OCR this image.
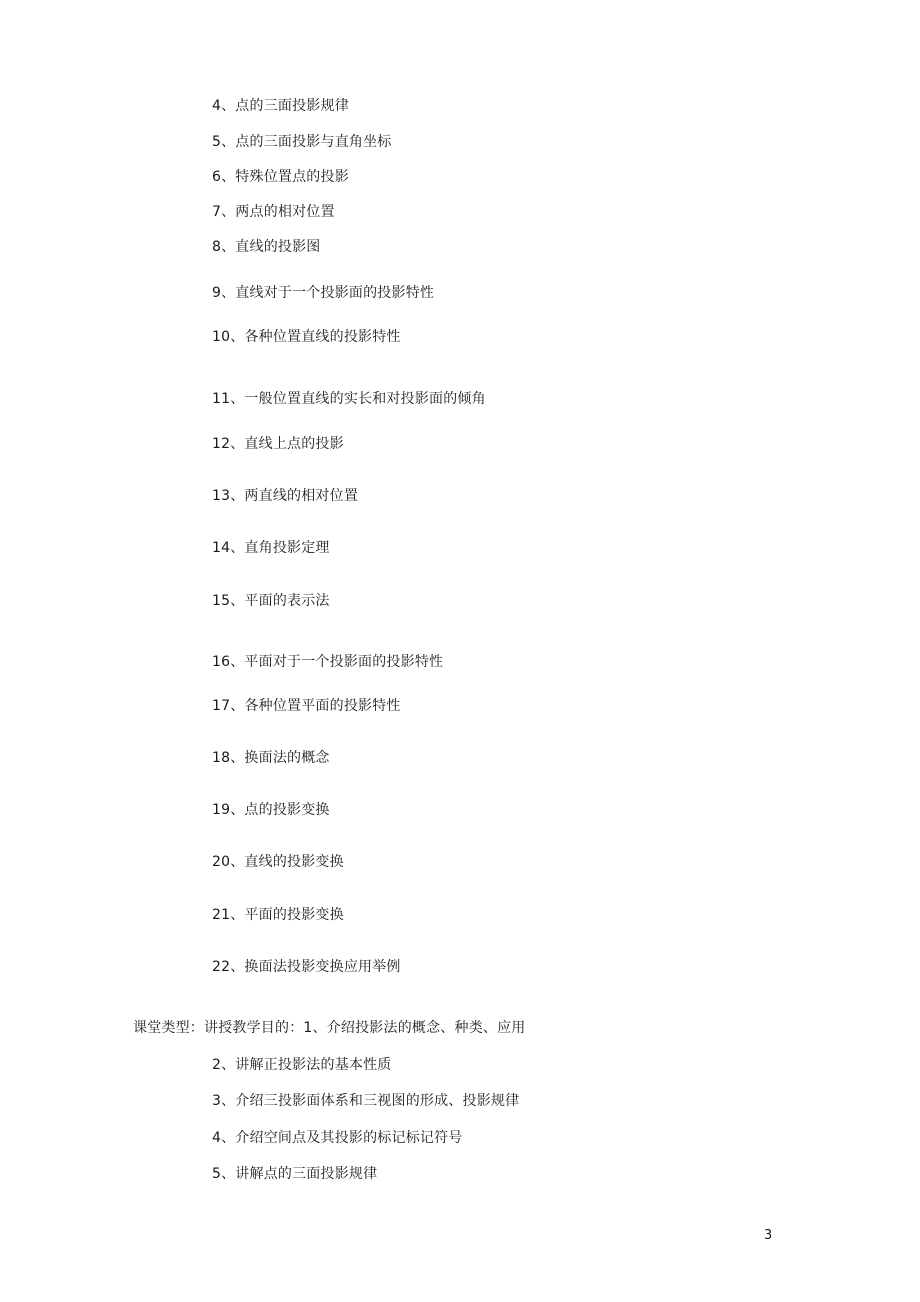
4、点的三面投影规律
5、点的三面投影与直角坐标
6、特殊位置点的投影
7、两点的相对位置
8、直线的投影图
9、直线对于一个投影面的投影特性
10、各种位置直线的投影特性
11、一般位置直线的实长和对投影面的倾角
12、直线上点的投影
13、两直线的相对位置
14、直角投影定理
15、平面的表示法
16、平面对于一个投影面的投影特性
17、各种位置平面的投影特性
18、换面法的概念
19、点的投影变换
20、直线的投影变换
21、平面的投影变换
22、换面法投影变换应用举例
课堂类型：讲授教学目的：1、介绍投影法的概念、种类、应用
2、讲解正投影法的基本性质
3、介绍三投影面体系和三视图的形成、投影规律
4、介绍空间点及其投影的标记标记符号
5、讲解点的三面投影规律
3
